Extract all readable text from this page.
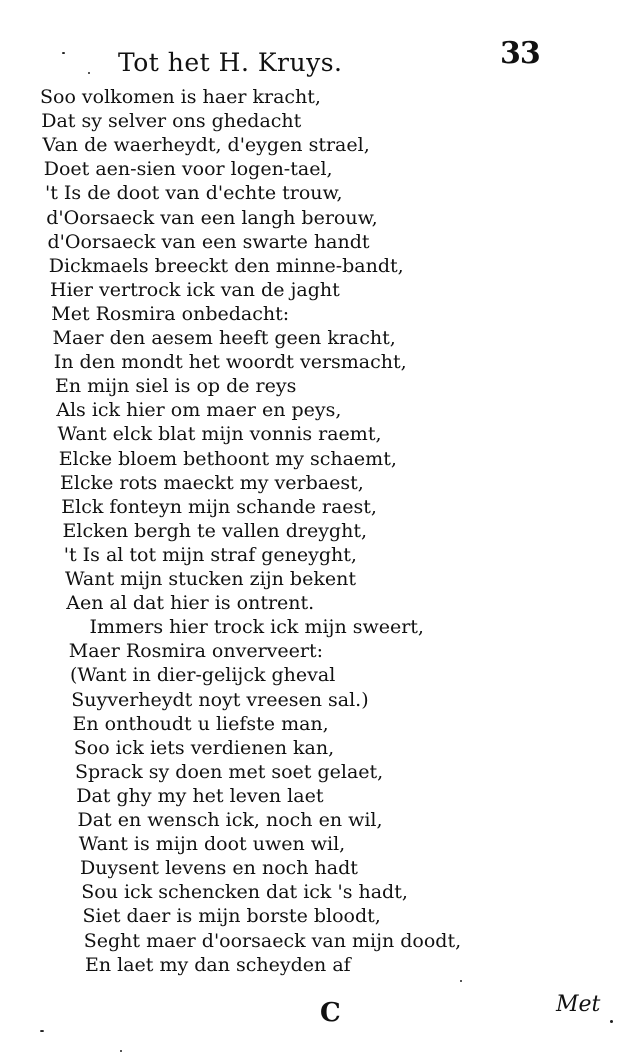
Tot het H. Kruys.	33
Soo volkomen is haer kracht,
Dat sy selver ons ghedacht
Van de waerheydt, d'eygen strael,
Doet aen-sien voor logen-tael,
't Is de doot van d'echte trouw,
d'Oorsaeck van een langh berouw,
d'Oorsaeck van een swarte handt
Dickmaels breeckt den minne-bandt,
Hier vertrock ick van de jaght
Met Rosmira onbedacht:
Maer den aesem heeft geen kracht,
In den mondt het woordt versmacht,
En mijn siel is op de reys
Als ick hier om maer en peys,
Want elck blat mijn vonnis raemt,
Elcke bloem bethoont my schaemt,
Elcke rots maeckt my verbaest,
Elck fonteyn mijn schande raest,
Elcken bergh te vallen dreyght,
't Is al tot mijn straf geneyght,
Want mijn stucken zijn bekent
Aen al dat hier is ontrent.
Immers hier trock ick mijn sweert,
Maer Rosmira onverveert:
(Want in dier-gelijck gheval
Suyverheydt noyt vreesen sal.)
En onthoudt u liefste man,
Soo ick iets verdienen kan,
Sprack sy doen met soet gelaet,
Dat ghy my het leven laet
Dat en wensch ick, noch en wil,
Want is mijn doot uwen wil,
Duysent levens en noch hadt
Sou ick schencken dat ick 's hadt,
Siet daer is mijn borste bloodt,
Seght maer d'oorsaeck van mijn doodt,
En laet my dan scheyden af
C	Met
